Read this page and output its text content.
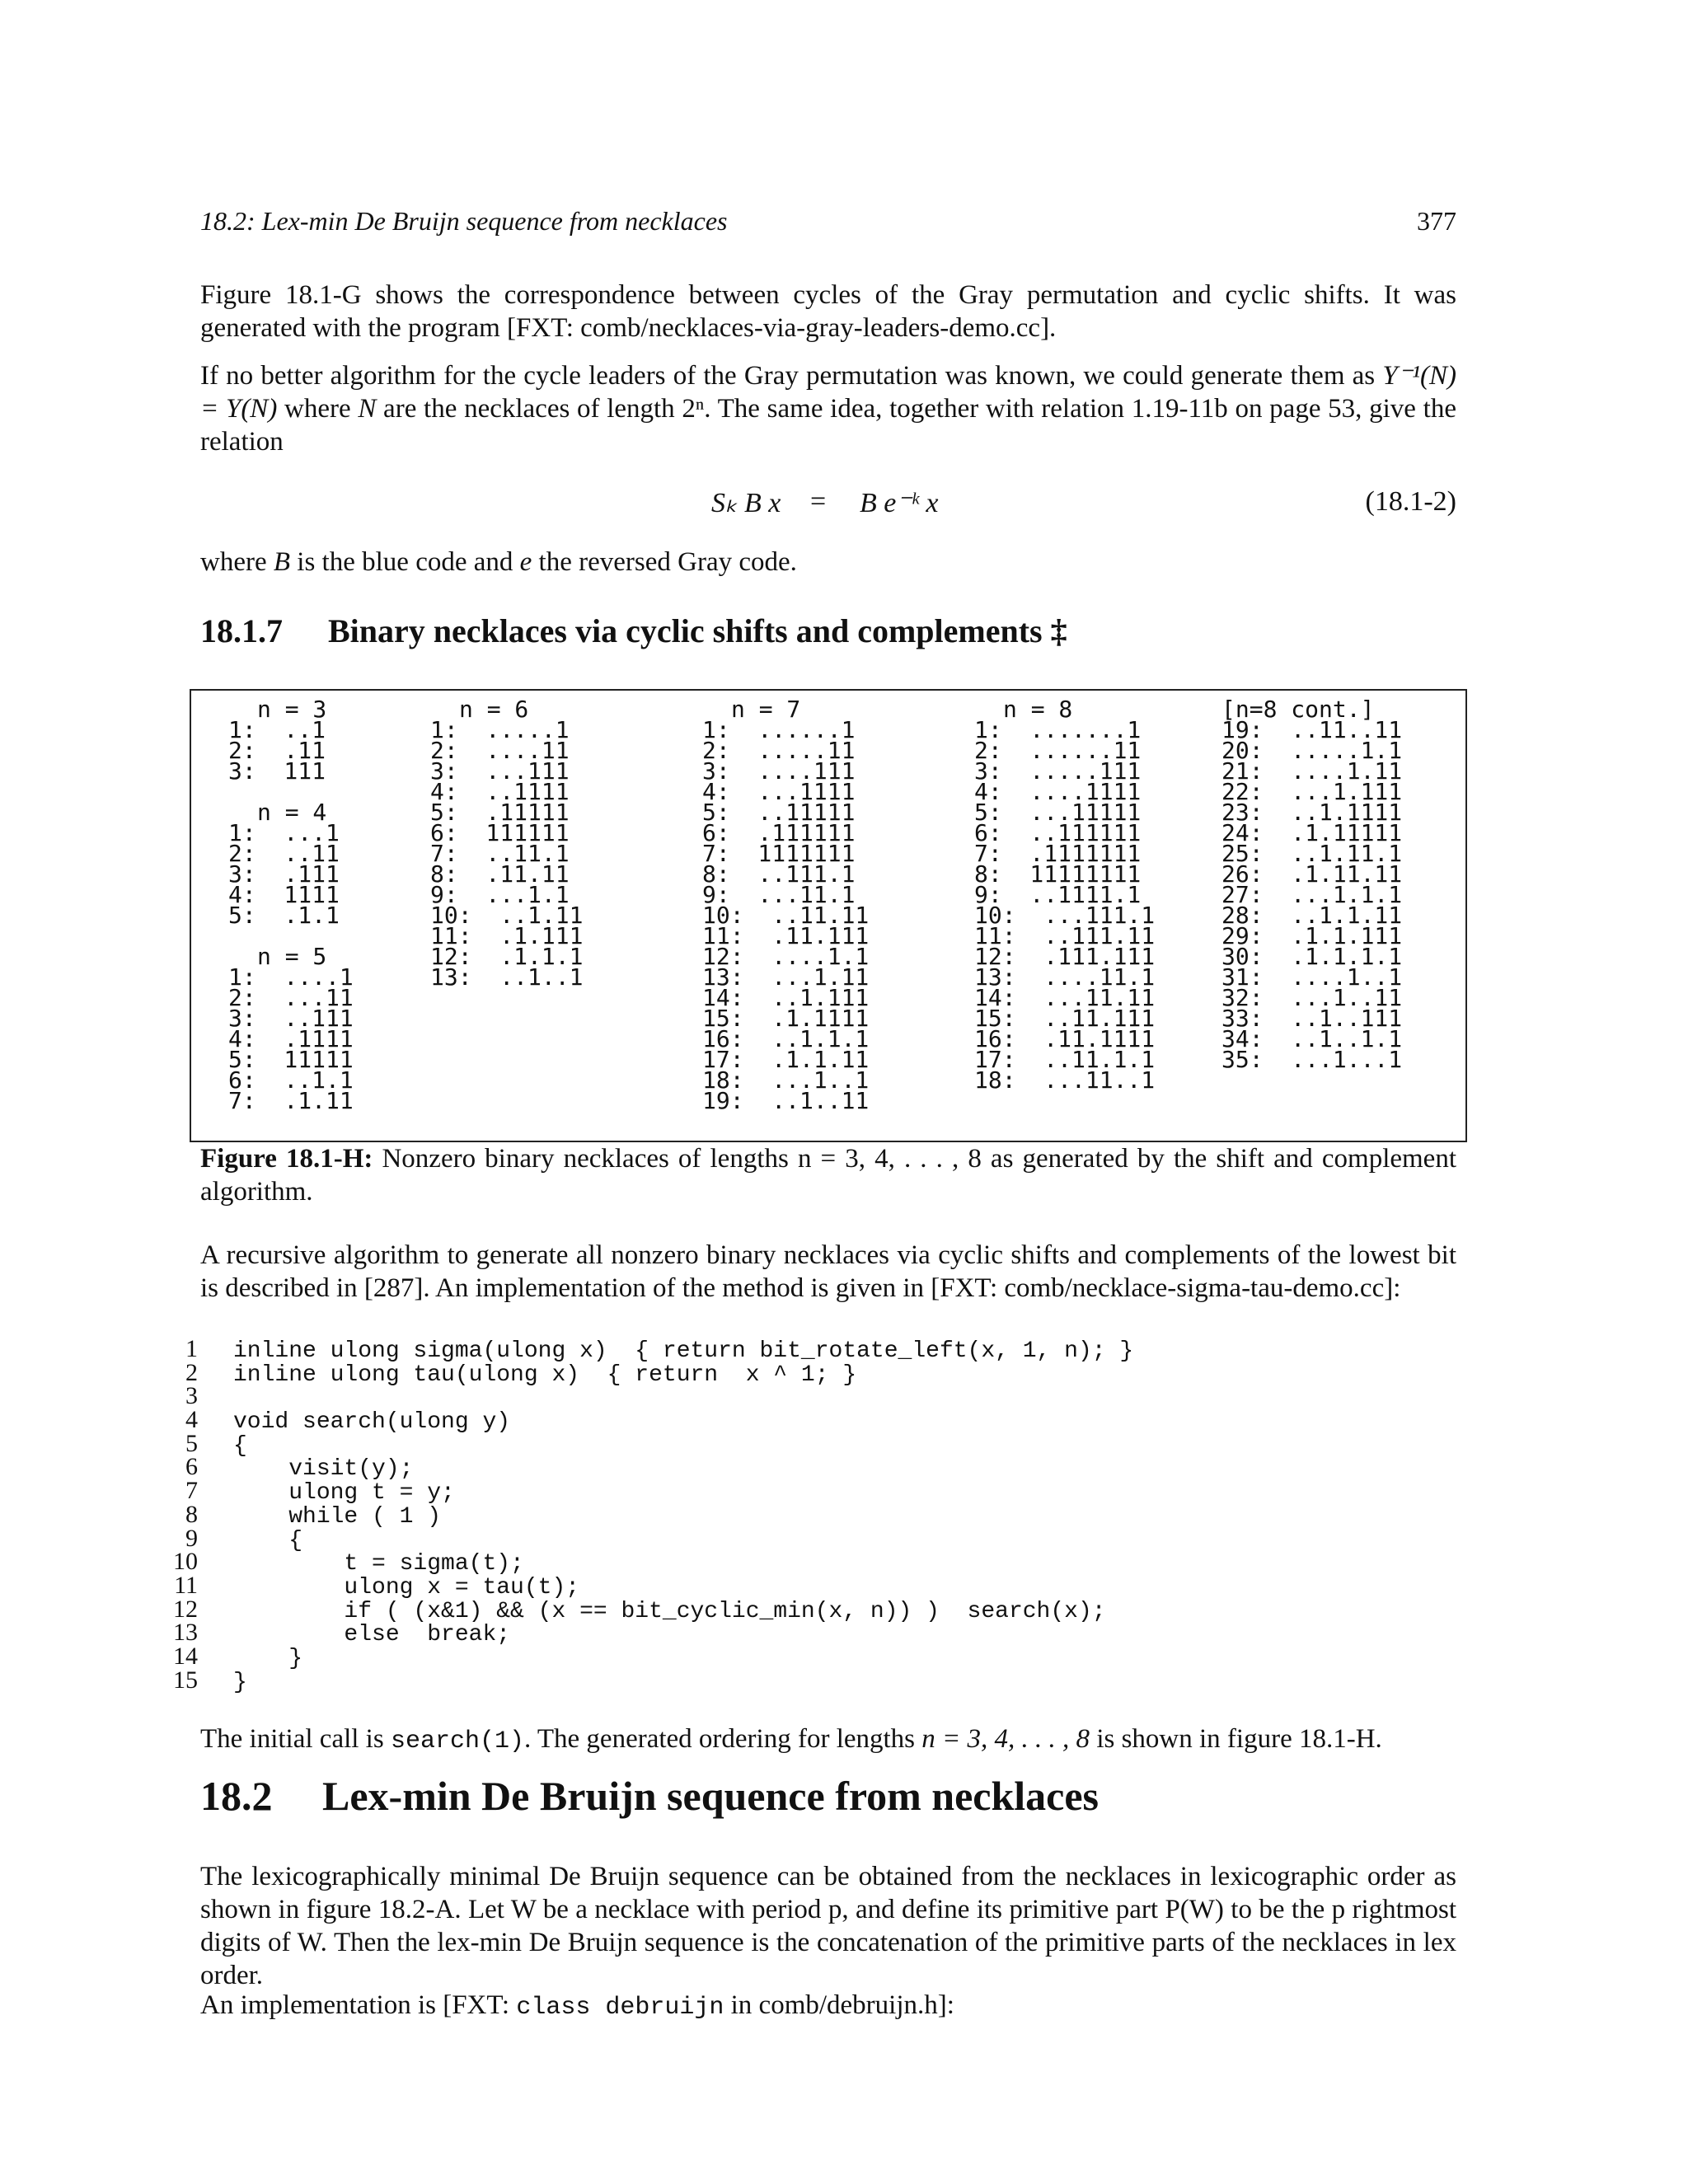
18.2: Lex-min De Bruijn sequence from necklaces	377

Figure 18.1-G shows the correspondence between cycles of the Gray permutation and cyclic shifts. It was generated with the program [FXT: comb/necklaces-via-gray-leaders-demo.cc].

If no better algorithm for the cycle leaders of the Gray permutation was known, we could generate them as Y⁻¹(N) = Y(N) where N are the necklaces of length 2ⁿ. The same idea, together with relation 1.19-11b on page 53, give the relation

Sₖ B x = B e⁻ᵏ x	(18.1-2)

where B is the blue code and e the reversed Gray code.

18.1.7 Binary necklaces via cyclic shifts and complements ‡
n = 3
1:  ..1
2:  .11
3:  111
n = 4
1:  ...1
2:  ..11
3:  .111
4:  1111
5:  .1.1
n = 5
1:  ....1
2:  ...11
3:  ..111
4:  .1111
5:  11111
6:  ..1.1
7:  .1.11
n = 6
1:  .....1
2:  ....11
3:  ...111
4:  ..1111
5:  .11111
6:  111111
7:  ..11.1
8:  .11.11
9:  ...1.1
10:  ..1.11
11:  .1.111
12:  .1.1.1
13:  ..1..1
n = 7
1:  ......1
2:  .....11
3:  ....111
4:  ...1111
5:  ..11111
6:  .111111
7:  1111111
8:  ..111.1
9:  ...11.1
10:  ..11.11
11:  .11.111
12:  ....1.1
13:  ...1.11
14:  ..1.111
15:  .1.1111
16:  ..1.1.1
17:  .1.1.11
18:  ...1..1
19:  ..1..11
n = 8
1:  .......1
2:  ......11
3:  .....111
4:  ....1111
5:  ...11111
6:  ..111111
7:  .1111111
8:  11111111
9:  ..1111.1
10:  ...111.1
11:  ..111.11
12:  .111.111
13:  ....11.1
14:  ...11.11
15:  ..11.111
16:  .11.1111
17:  ..11.1.1
18:  ...11..1
[n=8 cont.]
19:  ..11..11
20:  .....1.1
21:  ....1.11
22:  ...1.111
23:  ..1.1111
24:  .1.11111
25:  ..1.11.1
26:  .1.11.11
27:  ...1.1.1
28:  ..1.1.11
29:  .1.1.111
30:  .1.1.1.1
31:  ....1..1
32:  ...1..11
33:  ..1..111
34:  ..1..1.1
35:  ...1...1
Figure 18.1-H: Nonzero binary necklaces of lengths n = 3, 4, . . . , 8 as generated by the shift and complement algorithm.

A recursive algorithm to generate all nonzero binary necklaces via cyclic shifts and complements of the lowest bit is described in [287]. An implementation of the method is given in [FXT: comb/necklace-sigma-tau-demo.cc]:

1 inline ulong sigma(ulong x)  { return bit_rotate_left(x, 1, n); }
2 inline ulong tau(ulong x)  { return  x ^ 1; }
3
4 void search(ulong y)
5 {
6    visit(y);
7    ulong t = y;
8    while ( 1 )
9    {
10        t = sigma(t);
11        ulong x = tau(t);
12        if ( (x&1) && (x == bit_cyclic_min(x, n)) )  search(x);
13        else  break;
14    }
15 }

The initial call is search(1). The generated ordering for lengths n = 3, 4, . . . , 8 is shown in figure 18.1-H.

18.2 Lex-min De Bruijn sequence from necklaces

The lexicographically minimal De Bruijn sequence can be obtained from the necklaces in lexicographic order as shown in figure 18.2-A. Let W be a necklace with period p, and define its primitive part P(W) to be the p rightmost digits of W. Then the lex-min De Bruijn sequence is the concatenation of the primitive parts of the necklaces in lex order.

An implementation is [FXT: class debruijn in comb/debruijn.h]:
